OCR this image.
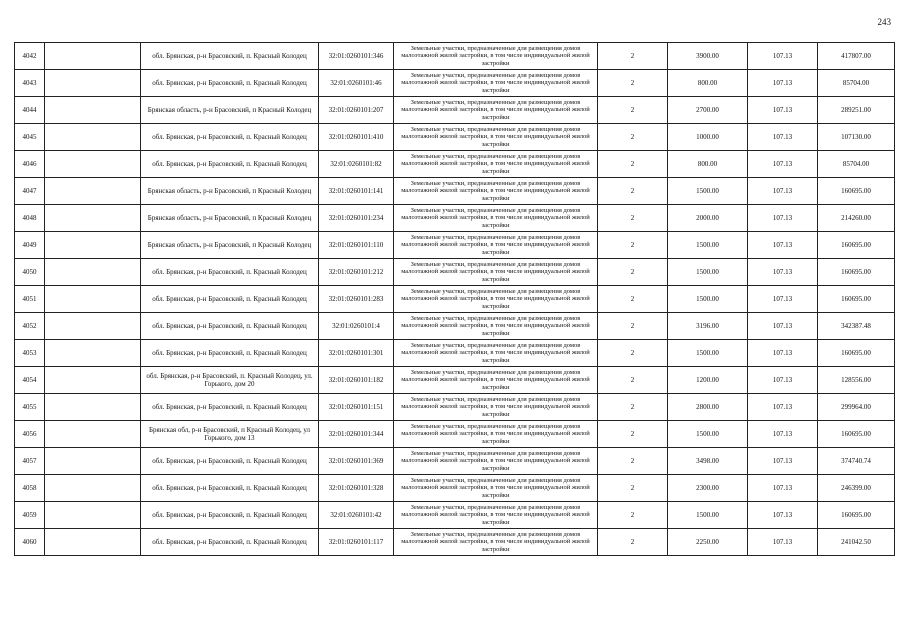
243
4042		обл. Брянская, р-н Брасовский, п. Красный Колодец	32:01:0260101:346	Земельные участки, предназначенные для размещения домов малоэтажной жилой застройки, в том числе индивидуальной жилой застройки	2	3900.00	107.13	417807.00
4043		обл. Брянская, р-н Брасовский, п. Красный Колодец	32:01:0260101:46	Земельные участки, предназначенные для размещения домов малоэтажной жилой застройки, в том числе индивидуальной жилой застройки	2	800.00	107.13	85704.00
4044		Брянская область, р-н Брасовский, п Красный Колодец	32:01:0260101:207	Земельные участки, предназначенные для размещения домов малоэтажной жилой застройки, в том числе индивидуальной жилой застройки	2	2700.00	107.13	289251.00
4045		обл. Брянская, р-н Брасовский, п. Красный Колодец	32:01:0260101:410	Земельные участки, предназначенные для размещения домов малоэтажной жилой застройки, в том числе индивидуальной жилой застройки	2	1000.00	107.13	107130.00
4046		обл. Брянская, р-н Брасовский, п. Красный Колодец	32:01:0260101:82	Земельные участки, предназначенные для размещения домов малоэтажной жилой застройки, в том числе индивидуальной жилой застройки	2	800.00	107.13	85704.00
4047		Брянская область, р-н Брасовский, п Красный Колодец	32:01:0260101:141	Земельные участки, предназначенные для размещения домов малоэтажной жилой застройки, в том числе индивидуальной жилой застройки	2	1500.00	107.13	160695.00
4048		Брянская область, р-н Брасовский, п Красный Колодец	32:01:0260101:234	Земельные участки, предназначенные для размещения домов малоэтажной жилой застройки, в том числе индивидуальной жилой застройки	2	2000.00	107.13	214260.00
4049		Брянская область, р-н Брасовский, п Красный Колодец	32:01:0260101:110	Земельные участки, предназначенные для размещения домов малоэтажной жилой застройки, в том числе индивидуальной жилой застройки	2	1500.00	107.13	160695.00
4050		обл. Брянская, р-н Брасовский, п. Красный Колодец	32:01:0260101:212	Земельные участки, предназначенные для размещения домов малоэтажной жилой застройки, в том числе индивидуальной жилой застройки	2	1500.00	107.13	160695.00
4051		обл. Брянская, р-н Брасовский, п. Красный Колодец	32:01:0260101:283	Земельные участки, предназначенные для размещения домов малоэтажной жилой застройки, в том числе индивидуальной жилой застройки	2	1500.00	107.13	160695.00
4052		обл. Брянская, р-н Брасовский, п. Красный Колодец	32:01:0260101:4	Земельные участки, предназначенные для размещения домов малоэтажной жилой застройки, в том числе индивидуальной жилой застройки	2	3196.00	107.13	342387.48
4053		обл. Брянская, р-н Брасовский, п. Красный Колодец	32:01:0260101:301	Земельные участки, предназначенные для размещения домов малоэтажной жилой застройки, в том числе индивидуальной жилой застройки	2	1500.00	107.13	160695.00
4054		обл. Брянская, р-н Брасовский, п. Красный Колодец, ул. Горького, дом 20	32:01:0260101:182	Земельные участки, предназначенные для размещения домов малоэтажной жилой застройки, в том числе индивидуальной жилой застройки	2	1200.00	107.13	128556.00
4055		обл. Брянская, р-н Брасовский, п. Красный Колодец	32:01:0260101:151	Земельные участки, предназначенные для размещения домов малоэтажной жилой застройки, в том числе индивидуальной жилой застройки	2	2800.00	107.13	299964.00
4056		Брянская обл, р-н Брасовский, п Красный Колодец, ул Горького, дом 13	32:01:0260101:344	Земельные участки, предназначенные для размещения домов малоэтажной жилой застройки, в том числе индивидуальной жилой застройки	2	1500.00	107.13	160695.00
4057		обл. Брянская, р-н Брасовский, п. Красный Колодец	32:01:0260101:369	Земельные участки, предназначенные для размещения домов малоэтажной жилой застройки, в том числе индивидуальной жилой застройки	2	3498.00	107.13	374740.74
4058		обл. Брянская, р-н Брасовский, п. Красный Колодец	32:01:0260101:328	Земельные участки, предназначенные для размещения домов малоэтажной жилой застройки, в том числе индивидуальной жилой застройки	2	2300.00	107.13	246399.00
4059		обл. Брянская, р-н Брасовский, п. Красный Колодец	32:01:0260101:42	Земельные участки, предназначенные для размещения домов малоэтажной жилой застройки, в том числе индивидуальной жилой застройки	2	1500.00	107.13	160695.00
4060		обл. Брянская, р-н Брасовский, п. Красный Колодец	32:01:0260101:117	Земельные участки, предназначенные для размещения домов малоэтажной жилой застройки, в том числе индивидуальной жилой застройки	2	2250.00	107.13	241042.50
